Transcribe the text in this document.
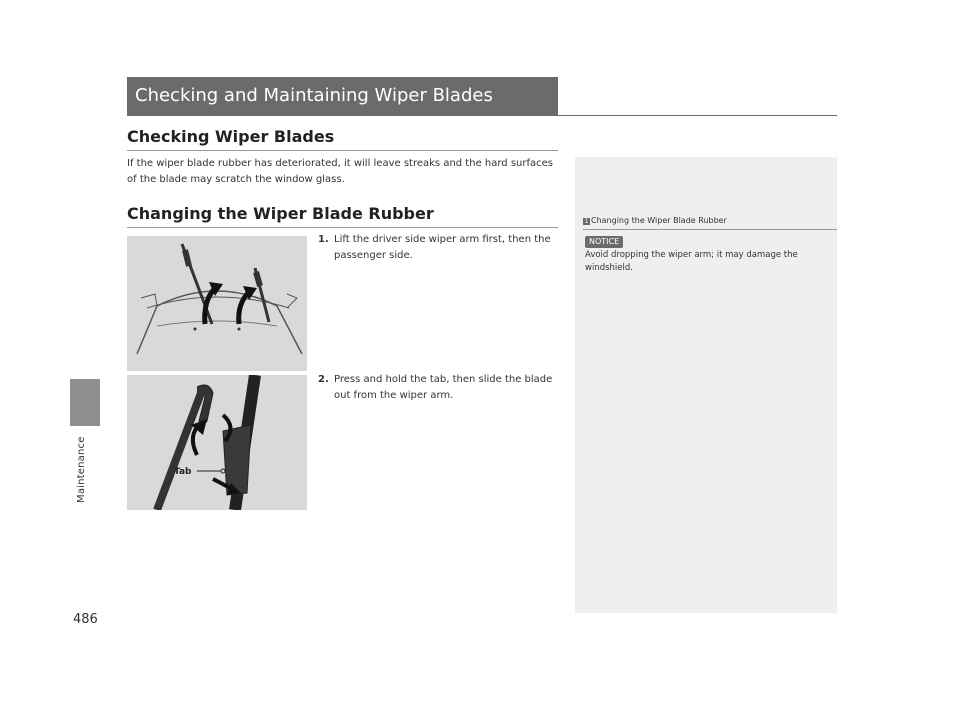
Maintenance
486
Checking and Maintaining Wiper Blades
Checking Wiper Blades
If the wiper blade rubber has deteriorated, it will leave streaks and the hard surfaces of the blade may scratch the window glass.
Changing the Wiper Blade Rubber
1. Lift the driver side wiper arm first, then the passenger side.
Tab
2. Press and hold the tab, then slide the blade out from the wiper arm.
1 Changing the Wiper Blade Rubber
NOTICE
Avoid dropping the wiper arm; it may damage the windshield.
